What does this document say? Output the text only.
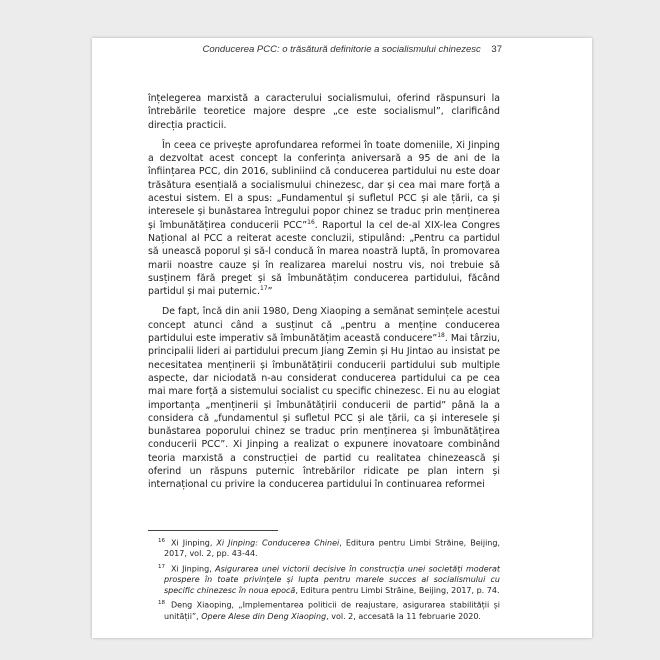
Conducerea PCC: o trăsătură definitorie a socialismului chinezesc 37

înțelegerea marxistă a caracterului socialismului, oferind răspunsuri la întrebările teoretice majore despre „ce este socialismul”, clarificând direcția practicii.

În ceea ce privește aprofundarea reformei în toate domeniile, Xi Jinping a dezvoltat acest concept la conferința aniversară a 95 de ani de la înființarea PCC, din 2016, subliniind că conducerea partidului nu este doar trăsătura esențială a socialismului chinezesc, dar și cea mai mare forță a acestui sistem. El a spus: „Fundamentul și sufletul PCC și ale țării, ca și interesele și bunăstarea întregului popor chinez se traduc prin menținerea și îmbunătățirea conducerii PCC”$^{16}$. Raportul la cel de-al XIX-lea Congres Național al PCC a reiterat aceste concluzii, stipulând: „Pentru ca partidul să unească poporul și să-l conducă în marea noastră luptă, în promovarea marii noastre cauze și în realizarea marelui nostru vis, noi trebuie să susținem fără preget și să îmbunătățim conducerea partidului, făcând partidul și mai puternic.$^{17}$”

De fapt, încă din anii 1980, Deng Xiaoping a semănat semințele acestui concept atunci când a susținut că „pentru a menține conducerea partidului este imperativ să îmbunătățim această conducere”$^{18}$. Mai târziu, principalii lideri ai partidului precum Jiang Zemin și Hu Jintao au insistat pe necesitatea menținerii și îmbunătățirii conducerii partidului sub multiple aspecte, dar niciodată n-au considerat conducerea partidului ca pe cea mai mare forță a sistemului socialist cu specific chinezesc. Ei nu au elogiat importanța „menținerii și îmbunătățirii conducerii de partid” până la a considera că „fundamentul și sufletul PCC și ale țării, ca și interesele și bunăstarea poporului chinez se traduc prin menținerea și îmbunătățirea conducerii PCC”. Xi Jinping a realizat o expunere inovatoare combinând teoria marxistă a construcției de partid cu realitatea chinezească și oferind un răspuns puternic întrebărilor ridicate pe plan intern și internațional cu privire la conducerea partidului în continuarea reformei

$^{16}$ Xi Jinping, Xi Jinping: Conducerea Chinei, Editura pentru Limbi Străine, Beijing, 2017, vol. 2, pp. 43-44.
$^{17}$ Xi Jinping, Asigurarea unei victorii decisive în construcția unei societăți moderat prospere în toate privințele și lupta pentru marele succes al socialismului cu specific chinezesc în noua epocă, Editura pentru Limbi Străine, Beijing, 2017, p. 74.
$^{18}$ Deng Xiaoping, „Implementarea politicii de reajustare, asigurarea stabilității și unității”, Opere Alese din Deng Xiaoping, vol. 2, accesată la 11 februarie 2020.
